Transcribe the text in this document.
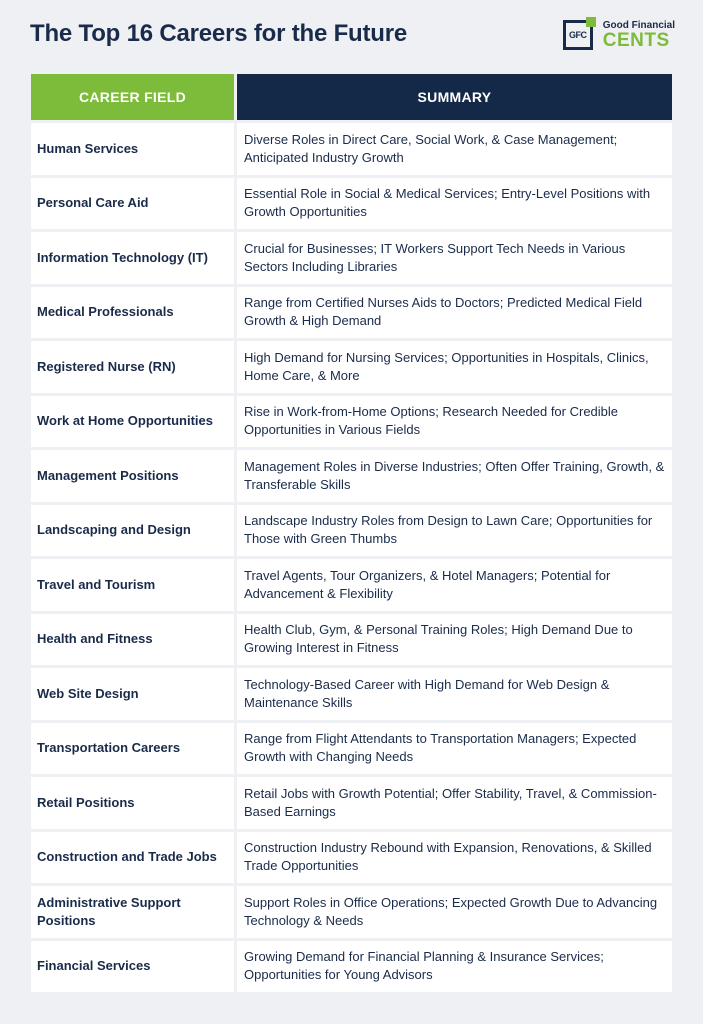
The Top 16 Careers for the Future	GFC
Good Financial
CENTS
CAREER FIELD	SUMMARY
Human Services
Diverse Roles in Direct Care, Social Work, & Case Management; Anticipated Industry Growth
Personal Care Aid
Essential Role in Social & Medical Services; Entry-Level Positions with Growth Opportunities
Information Technology (IT)
Crucial for Businesses; IT Workers Support Tech Needs in Various Sectors Including Libraries
Medical Professionals
Range from Certified Nurses Aids to Doctors; Predicted Medical Field Growth & High Demand
Registered Nurse (RN)
High Demand for Nursing Services; Opportunities in Hospitals, Clinics, Home Care, & More
Work at Home Opportunities
Rise in Work-from-Home Options; Research Needed for Credible Opportunities in Various Fields
Management Positions
Management Roles in Diverse Industries; Often Offer Training, Growth, & Transferable Skills
Landscaping and Design
Landscape Industry Roles from Design to Lawn Care; Opportunities for Those with Green Thumbs
Travel and Tourism
Travel Agents, Tour Organizers, & Hotel Managers; Potential for Advancement & Flexibility
Health and Fitness
Health Club, Gym, & Personal Training Roles; High Demand Due to Growing Interest in Fitness
Web Site Design
Technology-Based Career with High Demand for Web Design & Maintenance Skills
Transportation Careers
Range from Flight Attendants to Transportation Managers; Expected Growth with Changing Needs
Retail Positions
Retail Jobs with Growth Potential; Offer Stability, Travel, & Commission-Based Earnings
Construction and Trade Jobs
Construction Industry Rebound with Expansion, Renovations, & Skilled Trade Opportunities
Administrative Support Positions
Support Roles in Office Operations; Expected Growth Due to Advancing Technology & Needs
Financial Services
Growing Demand for Financial Planning & Insurance Services; Opportunities for Young Advisors
